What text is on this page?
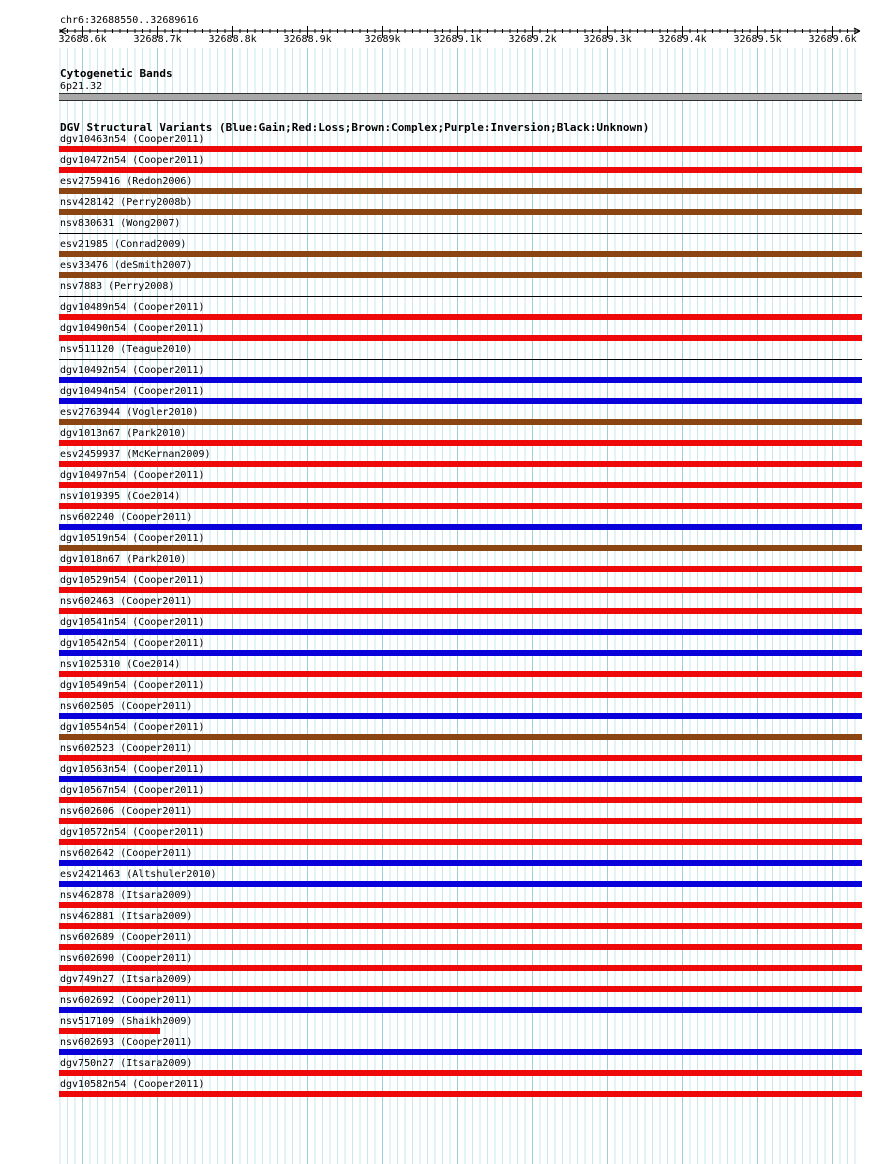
chr6:32688550..32689616
32688.6k	32688.7k	32688.8k	32688.9k	32689k	32689.1k	32689.2k	32689.3k	32689.4k	32689.5k	32689.6k
Cytogenetic Bands
6p21.32
DGV Structural Variants (Blue:Gain;Red:Loss;Brown:Complex;Purple:Inversion;Black:Unknown)
dgv10463n54 (Cooper2011)
dgv10472n54 (Cooper2011)
esv2759416 (Redon2006)
nsv428142 (Perry2008b)
nsv830631 (Wong2007)
esv21985 (Conrad2009)
esv33476 (deSmith2007)
nsv7883 (Perry2008)
dgv10489n54 (Cooper2011)
dgv10490n54 (Cooper2011)
nsv511120 (Teague2010)
dgv10492n54 (Cooper2011)
dgv10494n54 (Cooper2011)
esv2763944 (Vogler2010)
dgv1013n67 (Park2010)
esv2459937 (McKernan2009)
dgv10497n54 (Cooper2011)
nsv1019395 (Coe2014)
nsv602240 (Cooper2011)
dgv10519n54 (Cooper2011)
dgv1018n67 (Park2010)
dgv10529n54 (Cooper2011)
nsv602463 (Cooper2011)
dgv10541n54 (Cooper2011)
dgv10542n54 (Cooper2011)
nsv1025310 (Coe2014)
dgv10549n54 (Cooper2011)
nsv602505 (Cooper2011)
dgv10554n54 (Cooper2011)
nsv602523 (Cooper2011)
dgv10563n54 (Cooper2011)
dgv10567n54 (Cooper2011)
nsv602606 (Cooper2011)
dgv10572n54 (Cooper2011)
nsv602642 (Cooper2011)
esv2421463 (Altshuler2010)
nsv462878 (Itsara2009)
nsv462881 (Itsara2009)
nsv602689 (Cooper2011)
nsv602690 (Cooper2011)
dgv749n27 (Itsara2009)
nsv602692 (Cooper2011)
nsv517109 (Shaikh2009)
nsv602693 (Cooper2011)
dgv750n27 (Itsara2009)
dgv10582n54 (Cooper2011)
